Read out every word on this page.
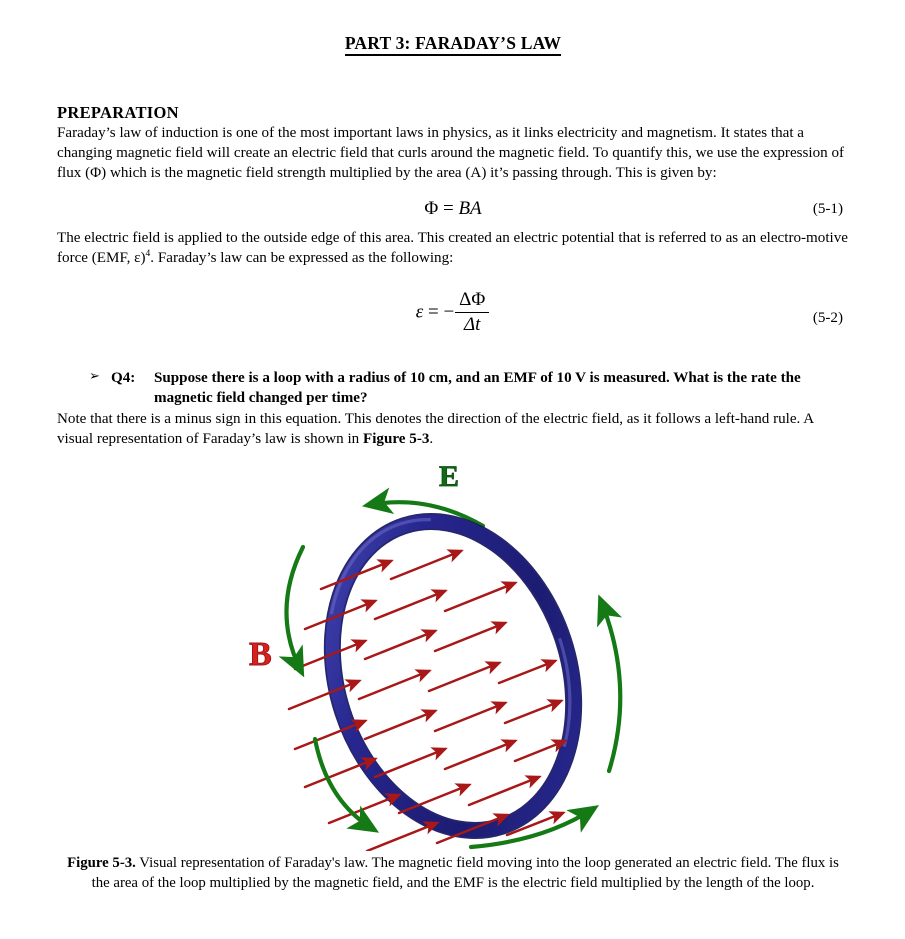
PART 3: FARADAY’S LAW
PREPARATION

Faraday’s law of induction is one of the most important laws in physics, as it links electricity and magnetism. It states that a changing magnetic field will create an electric field that curls around the magnetic field. To quantify this, we use the expression of flux (Φ) which is the magnetic field strength multiplied by the area (A) it’s passing through. This is given by:

Φ = BA	(5-1)

The electric field is applied to the outside edge of this area. This created an electric potential that is referred to as an electro-motive force (EMF, ε)$^4$. Faraday’s law can be expressed as the following:

ε = − $\frac{\Delta\Phi}{\Delta t}$	(5-2)
➢ Q4:	Suppose there is a loop with a radius of 10 cm, and an EMF of 10 V is measured. What is the rate the magnetic field changed per time?

Note that there is a minus sign in this equation. This denotes the direction of the electric field, as it follows a left-hand rule. A visual representation of Faraday’s law is shown in Figure 5-3.

E
B

Figure 5-3. Visual representation of Faraday's law. The magnetic field moving into the loop generated an electric field. The flux is the area of the loop multiplied by the magnetic field, and the EMF is the electric field multiplied by the length of the loop.
